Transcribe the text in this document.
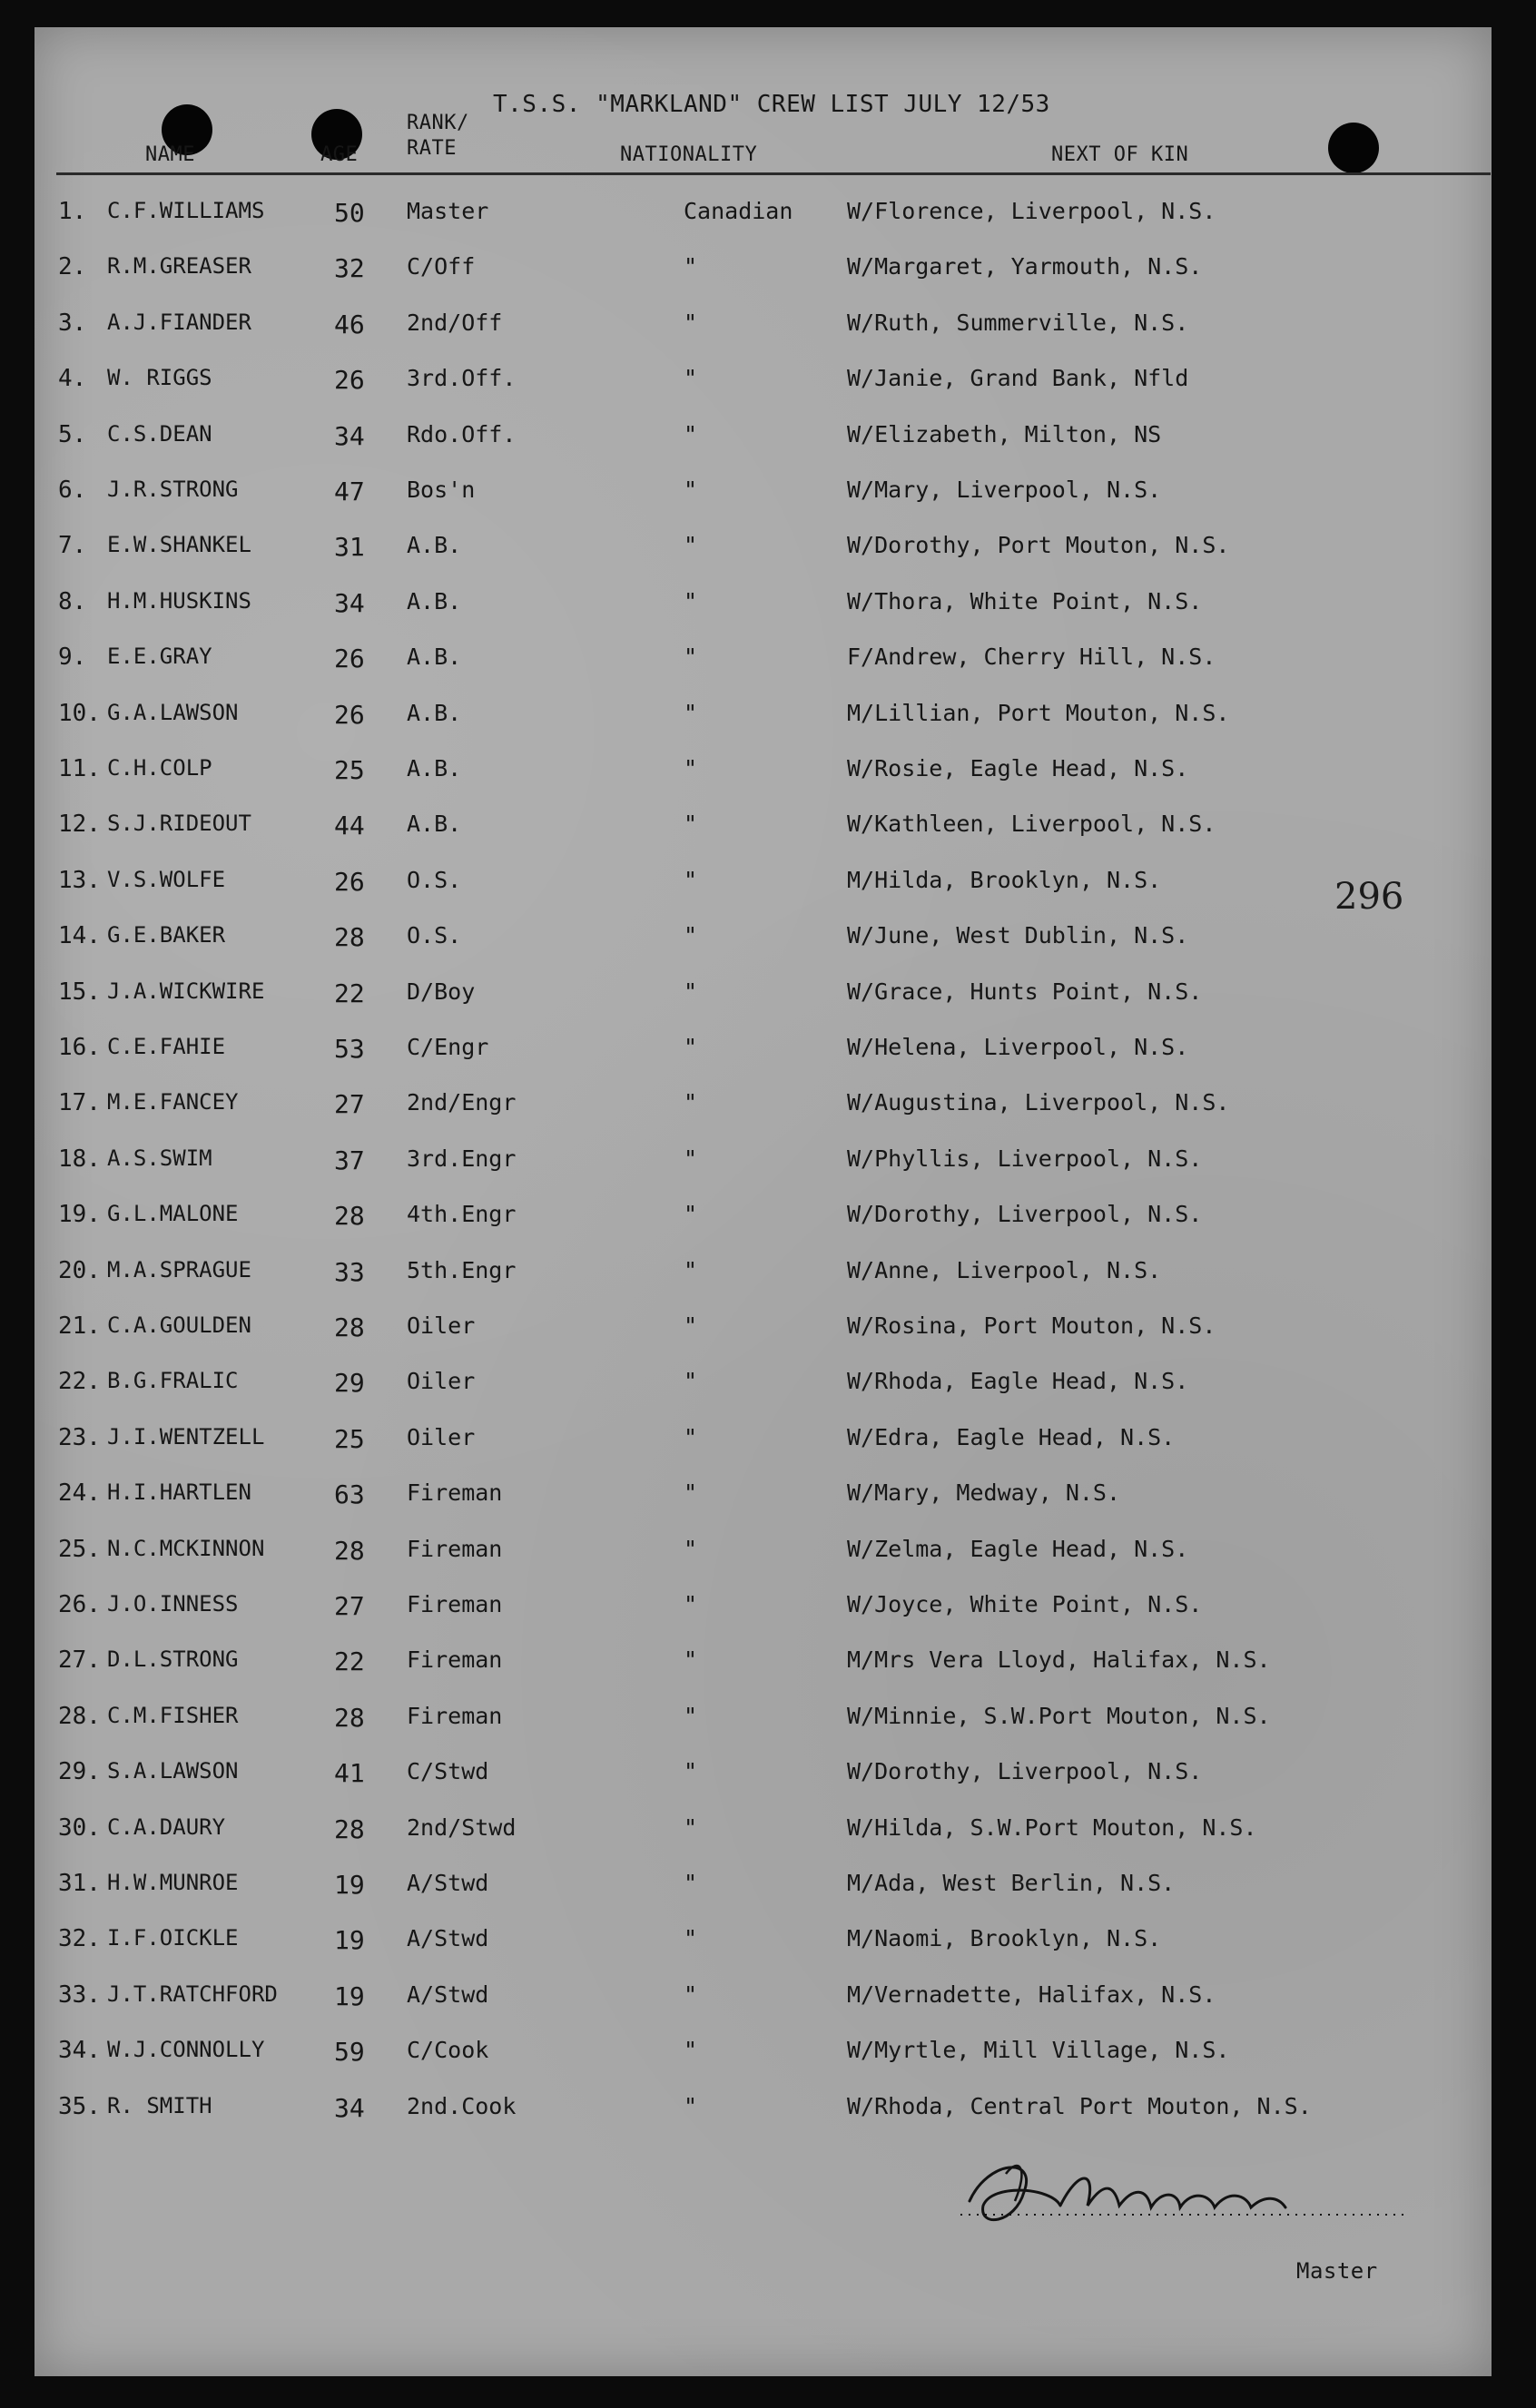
T.S.S. "MARKLAND" CREW LIST JULY 12/53
NAME	AGE
RANK/
RATE	NATIONALITY	NEXT OF KIN
1. C.F.WILLIAMS	50 Master	Canadian W/Florence, Liverpool, N.S.
2. R.M.GREASER	32 C/Off	"	W/Margaret, Yarmouth, N.S.
3. A.J.FIANDER	46 2nd/Off	"	W/Ruth, Summerville, N.S.
4. W. RIGGS	26 3rd.Off.	"	W/Janie, Grand Bank, Nfld
5. C.S.DEAN	34 Rdo.Off.	"	W/Elizabeth, Milton, NS
6. J.R.STRONG	47 Bos'n	"	W/Mary, Liverpool, N.S.
7. E.W.SHANKEL	31 A.B.	"	W/Dorothy, Port Mouton, N.S.
8. H.M.HUSKINS	34 A.B.	"	W/Thora, White Point, N.S.
9. E.E.GRAY	26 A.B.	"	F/Andrew, Cherry Hill, N.S.
10. G.A.LAWSON	26 A.B.	"	M/Lillian, Port Mouton, N.S.
11. C.H.COLP	25 A.B.	"	W/Rosie, Eagle Head, N.S.
12. S.J.RIDEOUT	44 A.B.	"	W/Kathleen, Liverpool, N.S.
13. V.S.WOLFE	26 O.S.	"	M/Hilda, Brooklyn, N.S.
14. G.E.BAKER	28 O.S.	"	W/June, West Dublin, N.S.
15. J.A.WICKWIRE	22 D/Boy	"	W/Grace, Hunts Point, N.S.
16. C.E.FAHIE	53 C/Engr	"	W/Helena, Liverpool, N.S.
17. M.E.FANCEY	27 2nd/Engr	"	W/Augustina, Liverpool, N.S.
18. A.S.SWIM	37 3rd.Engr	"	W/Phyllis, Liverpool, N.S.
19. G.L.MALONE	28 4th.Engr	"	W/Dorothy, Liverpool, N.S.
20. M.A.SPRAGUE	33 5th.Engr	"	W/Anne, Liverpool, N.S.
21. C.A.GOULDEN	28 Oiler	"	W/Rosina, Port Mouton, N.S.
22. B.G.FRALIC	29 Oiler	"	W/Rhoda, Eagle Head, N.S.
23. J.I.WENTZELL	25 Oiler	"	W/Edra, Eagle Head, N.S.
24. H.I.HARTLEN	63 Fireman	"	W/Mary, Medway, N.S.
25. N.C.MCKINNON	28 Fireman	"	W/Zelma, Eagle Head, N.S.
26. J.O.INNESS	27 Fireman	"	W/Joyce, White Point, N.S.
27. D.L.STRONG	22 Fireman	"	M/Mrs Vera Lloyd, Halifax, N.S.
28. C.M.FISHER	28 Fireman	"	W/Minnie, S.W.Port Mouton, N.S.
29. S.A.LAWSON	41 C/Stwd	"	W/Dorothy, Liverpool, N.S.
30. C.A.DAURY	28 2nd/Stwd	"	W/Hilda, S.W.Port Mouton, N.S.
31. H.W.MUNROE	19 A/Stwd	"	M/Ada, West Berlin, N.S.
32. I.F.OICKLE	19 A/Stwd	"	M/Naomi, Brooklyn, N.S.
33. J.T.RATCHFORD 19 A/Stwd	"	M/Vernadette, Halifax, N.S.
34. W.J.CONNOLLY	59 C/Cook	"	W/Myrtle, Mill Village, N.S.
35. R. SMITH	34 2nd.Cook	"	W/Rhoda, Central Port Mouton, N.S.
296
Master
